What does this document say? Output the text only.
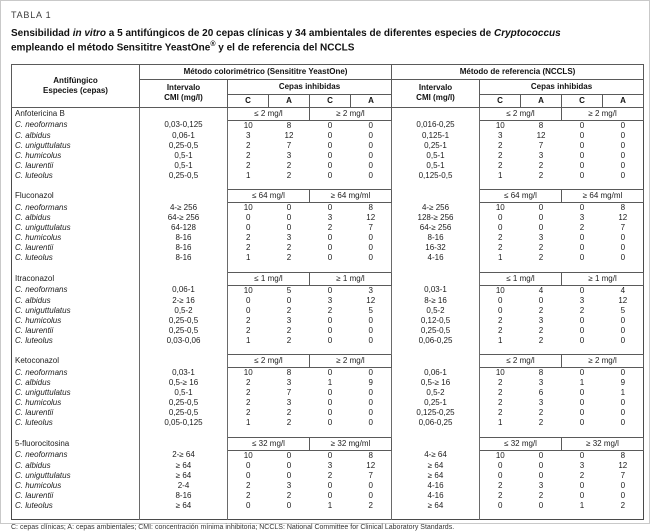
TABLA 1

Sensibilidad in vitro a 5 antifúngicos de 20 cepas clínicas y 34 ambientales de diferentes especies de Cryptococcus empleando el método Sensititre YeastOne® y el de referencia del NCCLS

Antifúngico
Especies (cepas)	Método colorimétrico (Sensititre YeastOne)					Método de referencia (NCCLS)				

Intervalo
CMI (mg/l)
	Cepas inhibidas	Intervalo
CMI (mg/l)
	Cepas inhibidas
		C	A	C	A		C	A	C	A
Anfotericina B		≤ 2 mg/l		≥ 2 mg/l			≤ 2 mg/l		≥ 2 mg/l	
C. neoformans	0,03-0,125	10	8	0	0	0,016-0,25	10	8	0	0
C. albidus	0,06-1	3	12	0	0	0,125-1	3	12	0	0
C. uniguttulatus	0,25-0,5	2	7	0	0	0,25-1	2	7	0	0
C. humicolus	0,5-1	2	3	0	0	0,5-1	2	3	0	0
C. laurentii	0,5-1	2	2	0	0	0,5-1	2	2	0	0
C. luteolus	0,25-0,5	1	2	0	0	0,125-0,5	1	2	0	0

Fluconazol		≤ 64 mg/l		≥ 64 mg/ml			≤ 64 mg/l		≥ 64 mg/ml	
C. neoformans	4-≥ 256	10	0	0	8	4-≥ 256	10	0	0	8
C. albidus	64-≥ 256	0	0	3	12	128-≥ 256	0	0	3	12
C. uniguttulatus	64-128	0	0	2	7	64-≥ 256	0	0	2	7
C. humicolus	8-16	2	3	0	0	8-16	2	3	0	0
C. laurentii	8-16	2	2	0	0	16-32	2	2	0	0
C. luteolus	8-16	1	2	0	0	4-16	1	2	0	0

Itraconazol		≤ 1 mg/l		≥ 1 mg/l			≤ 1 mg/l		≥ 1 mg/l	
C. neoformans	0,06-1	10	5	0	3	0,03-1	10	4	0	4
C. albidus	2-≥ 16	0	0	3	12	8-≥ 16	0	0	3	12
C. uniguttulatus	0,5-2	0	2	2	5	0,5-2	0	2	2	5
C. humicolus	0,25-0,5	2	3	0	0	0,12-0,5	2	3	0	0
C. laurentii	0,25-0,5	2	2	0	0	0,25-0,5	2	2	0	0
C. luteolus	0,03-0,06	1	2	0	0	0,06-0,25	1	2	0	0

Ketoconazol		≤ 2 mg/l		≥ 2 mg/l			≤ 2 mg/l		≥ 2 mg/l	
C. neoformans	0,03-1	10	8	0	0	0,06-1	10	8	0	0
C. albidus	0,5-≥ 16	2	3	1	9	0,5-≥ 16	2	3	1	9
C. uniguttulatus	0,5-1	2	7	0	0	0,5-2	2	6	0	1
C. humicolus	0,25-0,5	2	3	0	0	0,25-1	2	3	0	0
C. laurentii	0,25-0,5	2	2	0	0	0,125-0,25	2	2	0	0
C. luteolus	0,05-0,125	1	2	0	0	0,06-0,25	1	2	0	0

5-fluorocitosina		≤ 32 mg/l		≥ 32 mg/ml			≤ 32 mg/l		≥ 32 mg/l	
C. neoformans	2-≥ 64	10	0	0	8	4-≥ 64	10	0	0	8
C. albidus	≥ 64	0	0	3	12	≥ 64	0	0	3	12
C. uniguttulatus	≥ 64	0	0	2	7	≥ 64	0	0	2	7
C. humicolus	2-4	2	3	0	0	4-16	2	3	0	0
C. laurentii	8-16	2	2	0	0	4-16	2	2	0	0
C. luteolus	≥ 64	0	0	1	2	≥ 64	0	0	1	2

C: cepas clínicas; A: cepas ambientales; CMI: concentración mínima inhibitoria; NCCLS: National Committee for Clinical Laboratory Standards.
